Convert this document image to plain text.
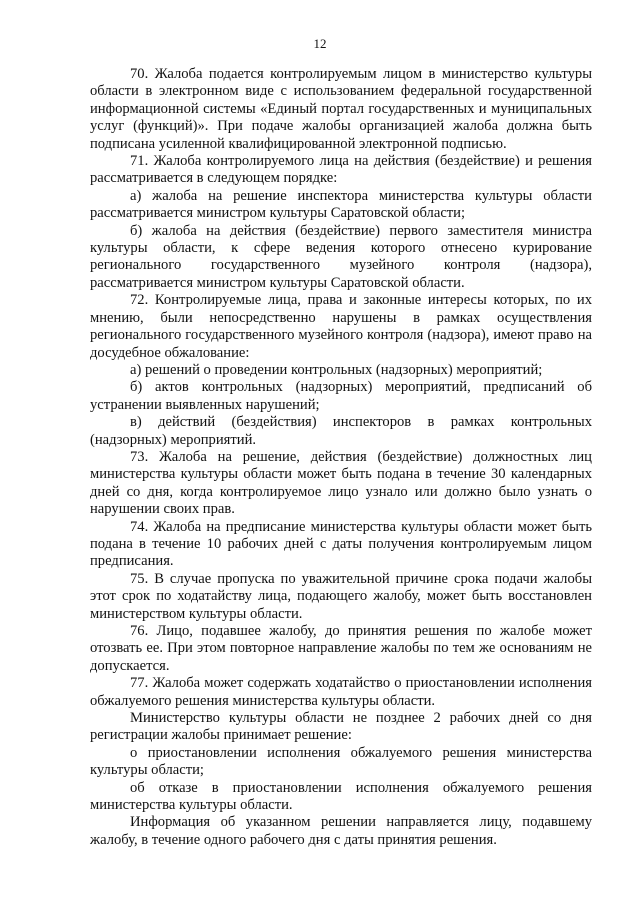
12

70. Жалоба подается контролируемым лицом в министерство культуры области в электронном виде с использованием федеральной государственной информационной системы «Единый портал государственных и муниципальных услуг (функций)». При подаче жалобы организацией жалоба должна быть подписана усиленной квалифицированной электронной подписью.

71. Жалоба контролируемого лица на действия (бездействие) и решения рассматривается в следующем порядке:

а) жалоба на решение инспектора министерства культуры области рассматривается министром культуры Саратовской области;

б) жалоба на действия (бездействие) первого заместителя министра культуры области, к сфере ведения которого отнесено курирование регионального государственного музейного контроля (надзора), рассматривается министром культуры Саратовской области.

72. Контролируемые лица, права и законные интересы которых, по их мнению, были непосредственно нарушены в рамках осуществления регионального государственного музейного контроля (надзора), имеют право на досудебное обжалование:

а) решений о проведении контрольных (надзорных) мероприятий;

б) актов контрольных (надзорных) мероприятий, предписаний об устранении выявленных нарушений;

в) действий (бездействия) инспекторов в рамках контрольных (надзорных) мероприятий.

73. Жалоба на решение, действия (бездействие) должностных лиц министерства культуры области может быть подана в течение 30 календарных дней со дня, когда контролируемое лицо узнало или должно было узнать о нарушении своих прав.

74. Жалоба на предписание министерства культуры области может быть подана в течение 10 рабочих дней с даты получения контролируемым лицом предписания.

75. В случае пропуска по уважительной причине срока подачи жалобы этот срок по ходатайству лица, подающего жалобу, может быть восстановлен министерством культуры области.

76. Лицо, подавшее жалобу, до принятия решения по жалобе может отозвать ее. При этом повторное направление жалобы по тем же основаниям не допускается.

77. Жалоба может содержать ходатайство о приостановлении исполнения обжалуемого решения министерства культуры области.

Министерство культуры области не позднее 2 рабочих дней со дня регистрации жалобы принимает решение:

о приостановлении исполнения обжалуемого решения министерства культуры области;

об отказе в приостановлении исполнения обжалуемого решения министерства культуры области.

Информация об указанном решении направляется лицу, подавшему жалобу, в течение одного рабочего дня с даты принятия решения.
